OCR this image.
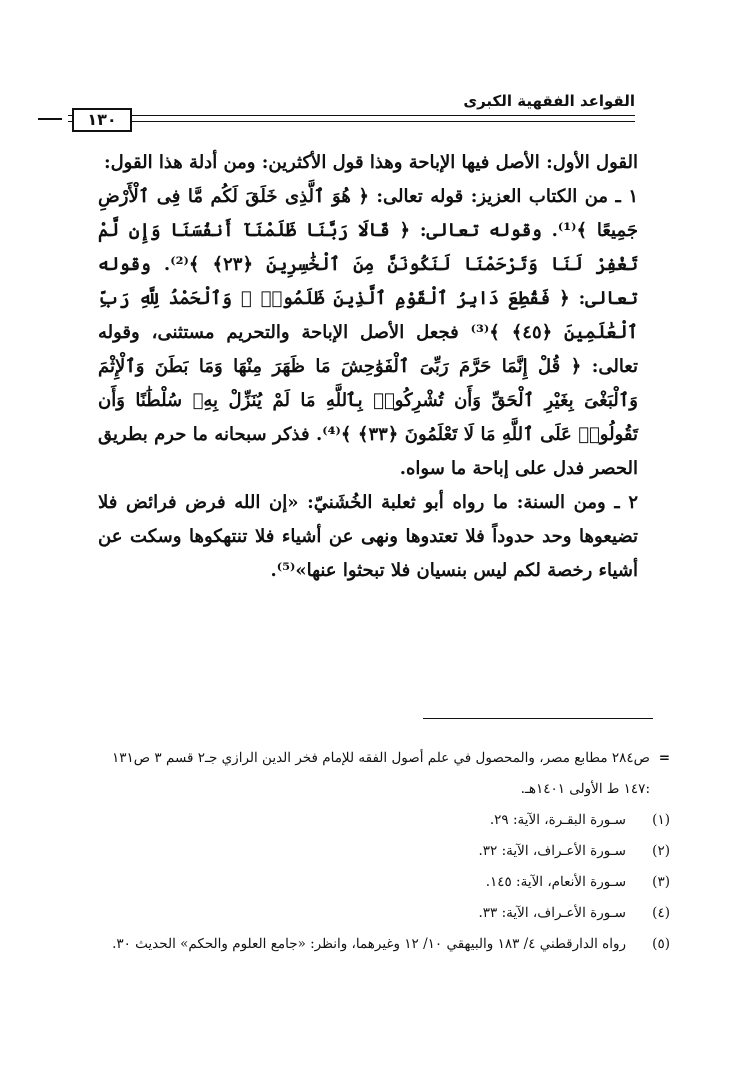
القواعد الفقهية الكبرى
١٣٠

القول الأول: الأصل فيها الإباحة وهذا قول الأكثرين: ومن أدلة هذا القول:

١ ـ من الكتاب العزيز: قوله تعالى: ﴿ هُوَ ٱلَّذِى خَلَقَ لَكُم مَّا فِى ٱلْأَرْضِ جَمِيعًا ﴾⁽¹⁾. وقوله تعالى: ﴿ قَالَا رَبَّنَا ظَلَمْنَآ أَنفُسَنَا وَإِن لَّمْ تَغْفِرْ لَنَا وَتَرْحَمْنَا لَنَكُونَنَّ مِنَ ٱلْخَٰسِرِينَ ﴿٢٣﴾ ﴾⁽²⁾. وقوله تعالى: ﴿ فَقُطِعَ دَابِرُ ٱلْقَوْمِ ٱلَّذِينَ ظَلَمُوا۟ ۚ وَٱلْحَمْدُ لِلَّهِ رَبِّ ٱلْعَٰلَمِينَ ﴿٤٥﴾ ﴾⁽³⁾ فجعل الأصل الإباحة والتحريم مستثنى، وقوله تعالى: ﴿ قُلْ إِنَّمَا حَرَّمَ رَبِّىَ ٱلْفَوَٰحِشَ مَا ظَهَرَ مِنْهَا وَمَا بَطَنَ وَٱلْإِثْمَ وَٱلْبَغْىَ بِغَيْرِ ٱلْحَقِّ وَأَن تُشْرِكُوا۟ بِٱللَّهِ مَا لَمْ يُنَزِّلْ بِهِۦ سُلْطَٰنًا وَأَن تَقُولُوا۟ عَلَى ٱللَّهِ مَا لَا تَعْلَمُونَ ﴿٣٣﴾ ﴾⁽⁴⁾. فذكر سبحانه ما حرم بطريق الحصر فدل على إباحة ما سواه.

٢ ـ ومن السنة: ما رواه أبو ثعلبة الخُشَنيّ: «إن الله فرض فرائض فلا تضيعوها وحد حدوداً فلا تعتدوها ونهى عن أشياء فلا تنتهكوها وسكت عن أشياء رخصة لكم ليس بنسيان فلا تبحثوا عنها»⁽⁵⁾.

=
ص٢٨٤ مطابع مصر، والمحصول في علم أصول الفقه للإمام فخر الدين الرازي جـ٢ قسم ٣ ص١٣١ :١٤٧ ط الأولى ١٤٠١هـ.
(١)
سـورة البقـرة، الآية: ٢٩.
(٢)
سـورة الأعـراف، الآية: ٣٢.
(٣)
سـورة الأنعام، الآية: ١٤٥.
(٤)
سـورة الأعـراف، الآية: ٣٣.
(٥)
رواه الدارقطني ٤/ ١٨٣ والبيهقي ١٠/ ١٢ وغيرهما، وانظر: «جامع العلوم والحكم» الحديث ٣٠.
